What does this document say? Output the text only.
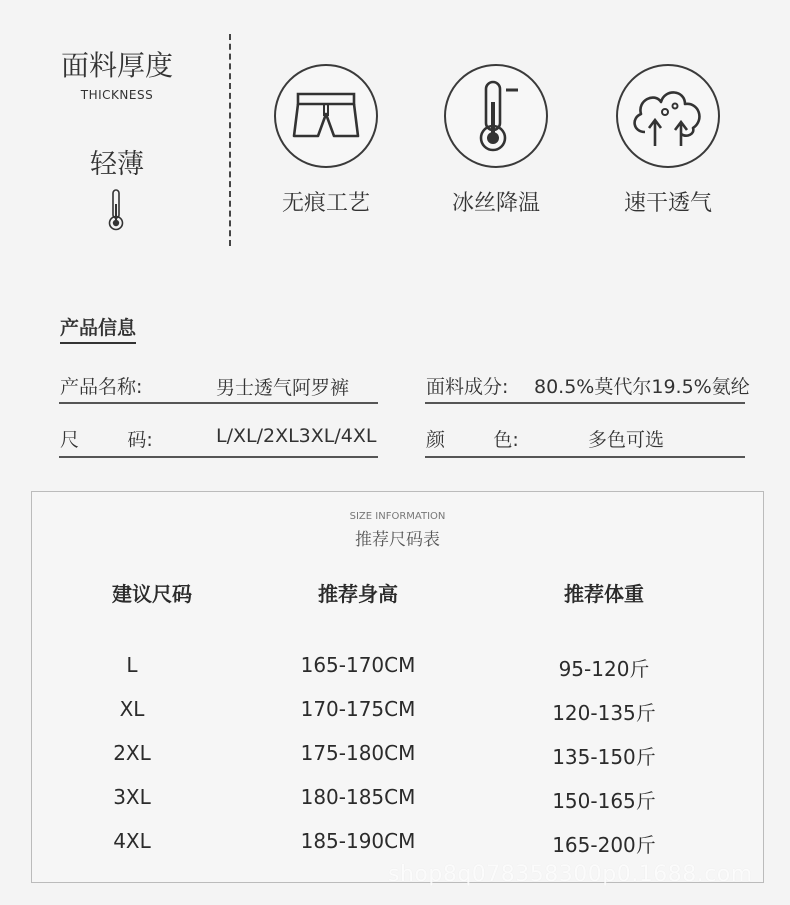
面料厚度
THICKNESS
轻薄
无痕工艺	冰丝降温	速干透气
产品信息
产品名称:	男士透气阿罗裤	面料成分: 80.5%莫代尔19.5%氨纶
尺        码:	L/XL/2XL3XL/4XL	颜        色:	多色可选
SIZE INFORMATION
推荐尺码表
建议尺码	推荐身高	推荐体重
L	165-170CM	95-120斤
XL	170-175CM	120-135斤
2XL	175-180CM	135-150斤
3XL	180-185CM	150-165斤
4XL	185-190CM	165-200斤
shop8q078358300p0.1688.com
